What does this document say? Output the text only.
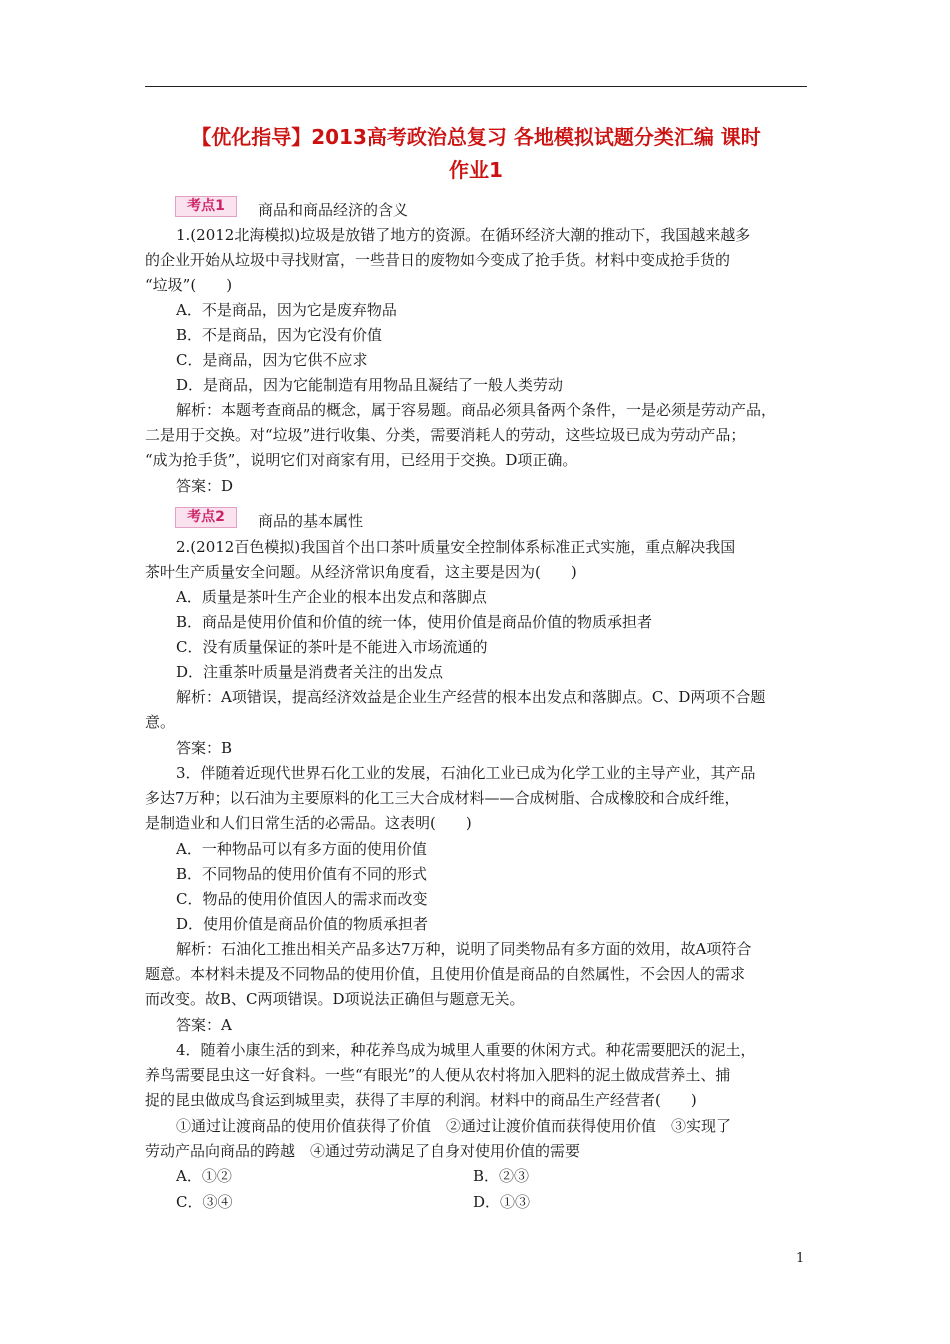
【优化指导】2013高考政治总复习 各地模拟试题分类汇编 课时
作业1
考点1	商品和商品经济的含义
1.(2012北海模拟)垃圾是放错了地方的资源。在循环经济大潮的推动下，我国越来越多
的企业开始从垃圾中寻找财富，一些昔日的废物如今变成了抢手货。材料中变成抢手货的
“垃圾”(　　)
A．不是商品，因为它是废弃物品
B．不是商品，因为它没有价值
C．是商品，因为它供不应求
D．是商品，因为它能制造有用物品且凝结了一般人类劳动
解析：本题考查商品的概念，属于容易题。商品必须具备两个条件，一是必须是劳动产品，
二是用于交换。对“垃圾”进行收集、分类，需要消耗人的劳动，这些垃圾已成为劳动产品；
“成为抢手货”，说明它们对商家有用，已经用于交换。D项正确。
答案：D
考点2	商品的基本属性
2.(2012百色模拟)我国首个出口茶叶质量安全控制体系标准正式实施，重点解决我国
茶叶生产质量安全问题。从经济常识角度看，这主要是因为(　　)
A．质量是茶叶生产企业的根本出发点和落脚点
B．商品是使用价值和价值的统一体，使用价值是商品价值的物质承担者
C．没有质量保证的茶叶是不能进入市场流通的
D．注重茶叶质量是消费者关注的出发点
解析：A项错误，提高经济效益是企业生产经营的根本出发点和落脚点。C、D两项不合题
意。
答案：B
3．伴随着近现代世界石化工业的发展，石油化工业已成为化学工业的主导产业，其产品
多达7万种；以石油为主要原料的化工三大合成材料——合成树脂、合成橡胶和合成纤维，
是制造业和人们日常生活的必需品。这表明(　　)
A．一种物品可以有多方面的使用价值
B．不同物品的使用价值有不同的形式
C．物品的使用价值因人的需求而改变
D．使用价值是商品价值的物质承担者
解析：石油化工推出相关产品多达7万种，说明了同类物品有多方面的效用，故A项符合
题意。本材料未提及不同物品的使用价值，且使用价值是商品的自然属性，不会因人的需求
而改变。故B、C两项错误。D项说法正确但与题意无关。
答案：A
4．随着小康生活的到来，种花养鸟成为城里人重要的休闲方式。种花需要肥沃的泥土，
养鸟需要昆虫这一好食料。一些“有眼光”的人便从农村将加入肥料的泥土做成营养土、捕
捉的昆虫做成鸟食运到城里卖，获得了丰厚的利润。材料中的商品生产经营者(　　)
①通过让渡商品的使用价值获得了价值　②通过让渡价值而获得使用价值　③实现了
劳动产品向商品的跨越　④通过劳动满足了自身对使用价值的需要
A．①②	B．②③
C．③④	D．①③
1
